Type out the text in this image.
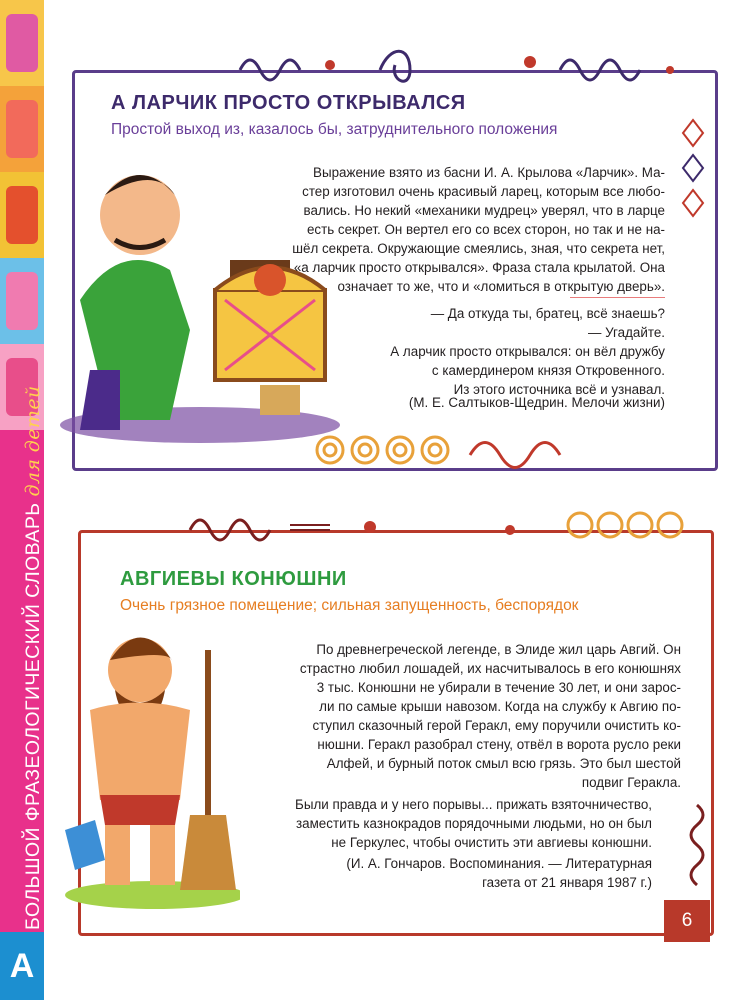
БОЛЬШОЙ ФРАЗЕОЛОГИЧЕСКИЙ СЛОВАРЬдля детей
А
А ЛАРЧИК ПРОСТО ОТКРЫВАЛСЯ
Простой выход из, казалось бы, затруднительного положения
Выражение взято из басни И. А. Крылова «Ларчик». Ма-
стер изготовил очень красивый ларец, которым все любо-
вались. Но некий «механики мудрец» уверял, что в ларце
есть секрет. Он вертел его со всех сторон, но так и не на-
шёл секрета. Окружающие смеялись, зная, что секрета нет,
«а ларчик просто открывался». Фраза стала крылатой. Она
означает то же, что и «ломиться в открытую дверь».
— Да откуда ты, братец, всё знаешь?
— Угадайте.
А ларчик просто открывался: он вёл дружбу
с камердинером князя Откровенного.
Из этого источника всё и узнавал.
(М. Е. Салтыков-Щедрин. Мелочи жизни)
АВГИЕВЫ КОНЮШНИ
Очень грязное помещение; сильная запущенность, беспорядок
По древнегреческой легенде, в Элиде жил царь Авгий. Он
страстно любил лошадей, их насчитывалось в его конюшнях
3 тыс. Конюшни не убирали в течение 30 лет, и они зарос-
ли по самые крыши навозом. Когда на службу к Авгию по-
ступил сказочный герой Геракл, ему поручили очистить ко-
нюшни. Геракл разобрал стену, отвёл в ворота русло реки
Алфей, и бурный поток смыл всю грязь. Это был шестой
подвиг Геракла.
Были правда и у него порывы... прижать взяточничество,
заместить казнокрадов порядочными людьми, но он был
не Геркулес, чтобы очистить эти авгиевы конюшни.
(И. А. Гончаров. Воспоминания. — Литературная
газета от 21 января 1987 г.)
6
